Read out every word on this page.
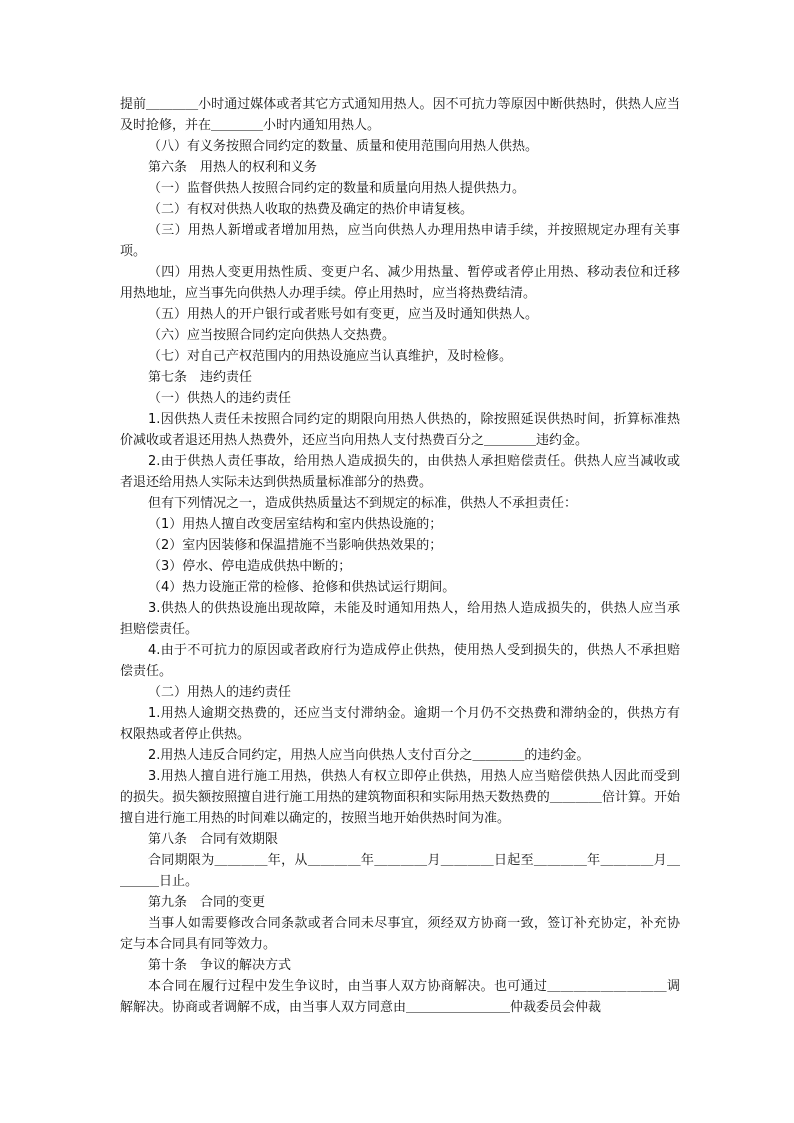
提前＿＿＿＿小时通过媒体或者其它方式通知用热人。因不可抗力等原因中断供热时，供热人应当及时抢修，并在＿＿＿＿小时内通知用热人。

（八）有义务按照合同约定的数量、质量和使用范围向用热人供热。

第六条　用热人的权利和义务

（一）监督供热人按照合同约定的数量和质量向用热人提供热力。

（二）有权对供热人收取的热费及确定的热价申请复核。

（三）用热人新增或者增加用热，应当向供热人办理用热申请手续，并按照规定办理有关事项。

（四）用热人变更用热性质、变更户名、减少用热量、暂停或者停止用热、移动表位和迁移用热地址，应当事先向供热人办理手续。停止用热时，应当将热费结清。

（五）用热人的开户银行或者账号如有变更，应当及时通知供热人。

（六）应当按照合同约定向供热人交热费。

（七）对自己产权范围内的用热设施应当认真维护，及时检修。

第七条　违约责任

（一）供热人的违约责任

1.因供热人责任未按照合同约定的期限向用热人供热的，除按照延误供热时间，折算标准热价减收或者退还用热人热费外，还应当向用热人支付热费百分之＿＿＿＿违约金。

2.由于供热人责任事故，给用热人造成损失的，由供热人承担赔偿责任。供热人应当减收或者退还给用热人实际未达到供热质量标准部分的热费。

但有下列情况之一，造成供热质量达不到规定的标准，供热人不承担责任：

（1）用热人擅自改变居室结构和室内供热设施的；

（2）室内因装修和保温措施不当影响供热效果的；

（3）停水、停电造成供热中断的；

（4）热力设施正常的检修、抢修和供热试运行期间。

3.供热人的供热设施出现故障，未能及时通知用热人，给用热人造成损失的，供热人应当承担赔偿责任。

4.由于不可抗力的原因或者政府行为造成停止供热，使用热人受到损失的，供热人不承担赔偿责任。

（二）用热人的违约责任

1.用热人逾期交热费的，还应当支付滞纳金。逾期一个月仍不交热费和滞纳金的，供热方有权限热或者停止供热。

2.用热人违反合同约定，用热人应当向供热人支付百分之＿＿＿＿的违约金。

3.用热人擅自进行施工用热，供热人有权立即停止供热，用热人应当赔偿供热人因此而受到的损失。损失额按照擅自进行施工用热的建筑物面积和实际用热天数热费的＿＿＿＿倍计算。开始擅自进行施工用热的时间难以确定的，按照当地开始供热时间为准。

第八条　合同有效期限

合同期限为＿＿＿＿年，从＿＿＿＿年＿＿＿＿月＿＿＿＿日起至＿＿＿＿年＿＿＿＿月＿＿＿＿日止。

第九条　合同的变更

当事人如需要修改合同条款或者合同未尽事宜，须经双方协商一致，签订补充协定，补充协定与本合同具有同等效力。

第十条　争议的解决方式

本合同在履行过程中发生争议时，由当事人双方协商解决。也可通过＿＿＿＿＿＿＿＿＿调解解决。协商或者调解不成，由当事人双方同意由＿＿＿＿＿＿＿＿仲裁委员会仲裁
